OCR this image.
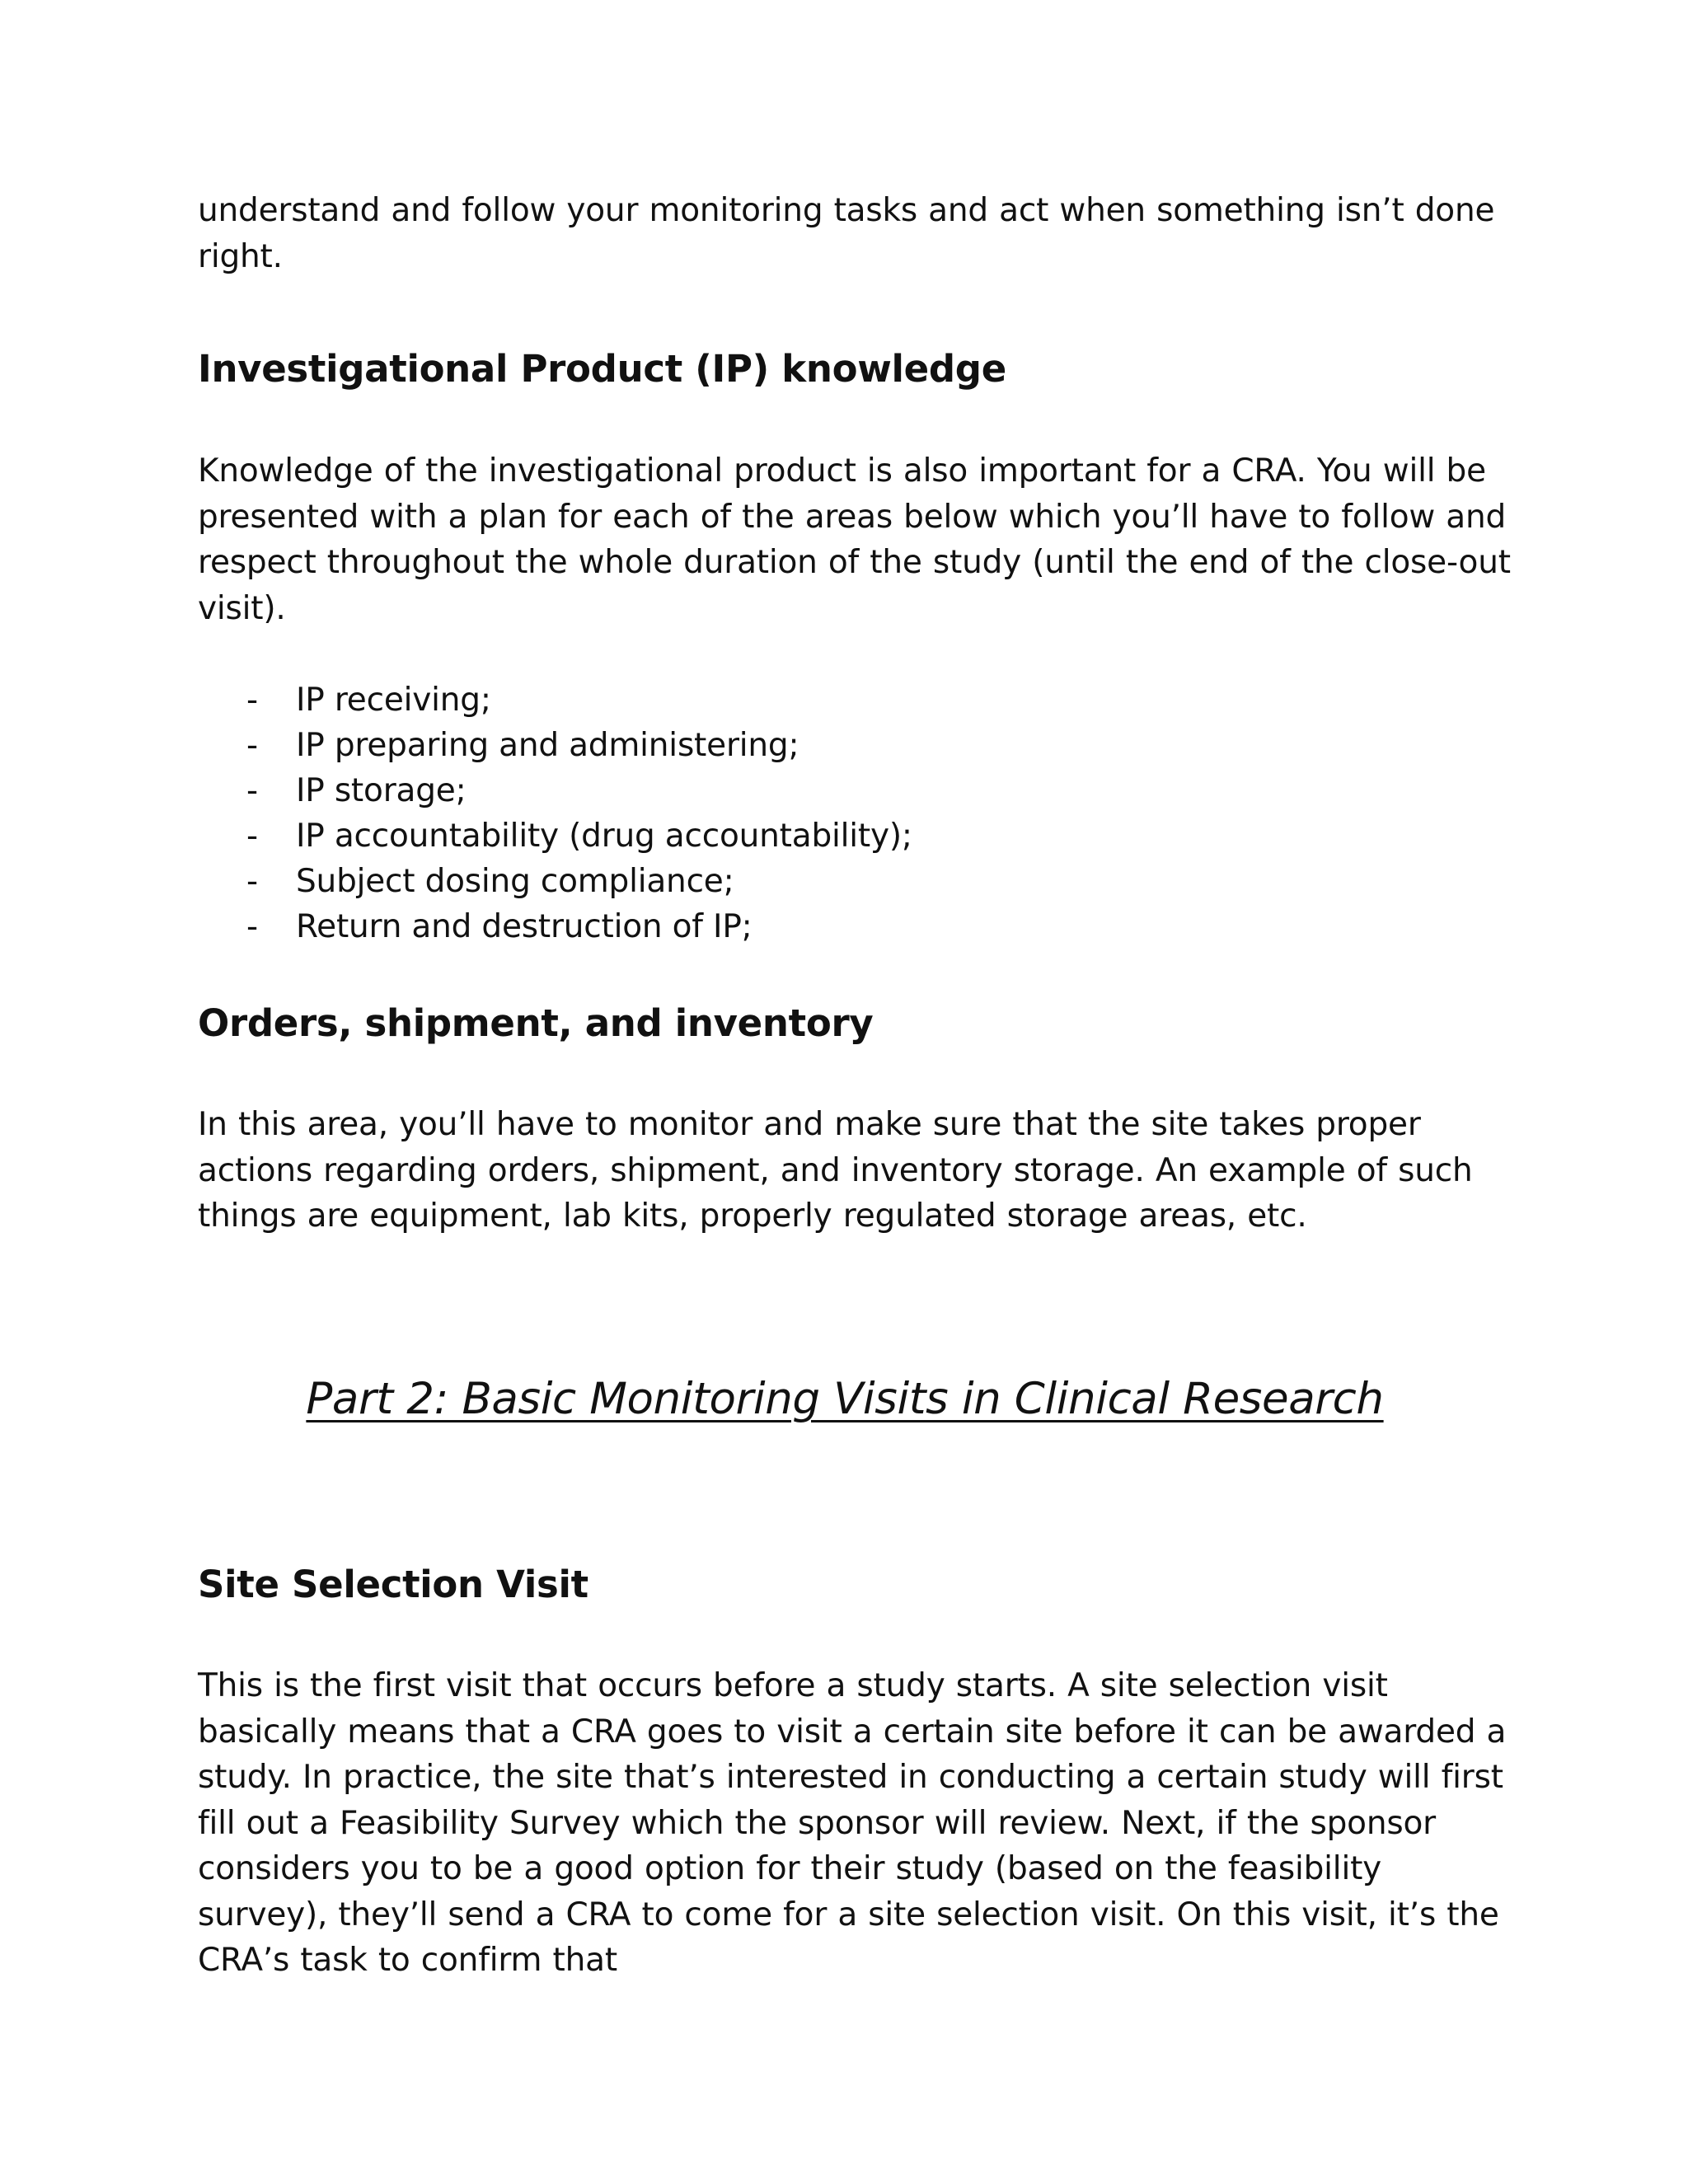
understand and follow your monitoring tasks and act when something isn’t done right.

Investigational Product (IP) knowledge

Knowledge of the investigational product is also important for a CRA. You will be presented with a plan for each of the areas below which you’ll have to follow and respect throughout the whole duration of the study (until the end of the close-out visit).

- IP receiving;
- IP preparing and administering;
- IP storage;
- IP accountability (drug accountability);
- Subject dosing compliance;
- Return and destruction of IP;
Orders, shipment, and inventory

In this area, you’ll have to monitor and make sure that the site takes proper actions regarding orders, shipment, and inventory storage. An example of such things are equipment, lab kits, properly regulated storage areas, etc.

Part 2: Basic Monitoring Visits in Clinical Research
Site Selection Visit

This is the first visit that occurs before a study starts. A site selection visit basically means that a CRA goes to visit a certain site before it can be awarded a study. In practice, the site that’s interested in conducting a certain study will first fill out a Feasibility Survey which the sponsor will review. Next, if the sponsor considers you to be a good option for their study (based on the feasibility survey), they’ll send a CRA to come for a site selection visit. On this visit, it’s the CRA’s task to confirm that
